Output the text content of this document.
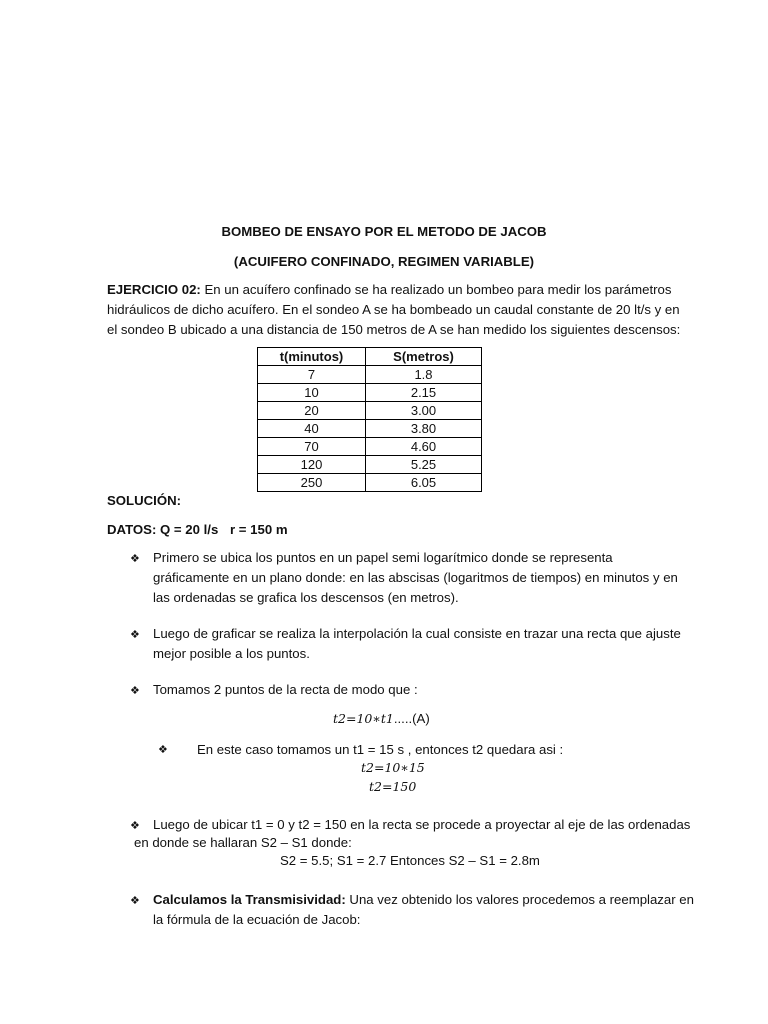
BOMBEO DE ENSAYO POR EL METODO DE JACOB
(ACUIFERO CONFINADO, REGIMEN VARIABLE)
EJERCICIO 02: En un acuífero confinado se ha realizado un bombeo para medir los parámetros
hidráulicos de dicho acuífero. En el sondeo A se ha bombeado un caudal constante de 20 lt/s y en
el sondeo B ubicado a una distancia de 150 metros de A se han medido los siguientes descensos:
t(minutos)	S(metros)
7	1.8
10	2.15
20	3.00
40	3.80
70	4.60
120	5.25
250	6.05
SOLUCIÓN:
DATOS: Q = 20 l/s r = 150 m
❖ Primero se ubica los puntos en un papel semi logarítmico donde se representa
gráficamente en un plano donde: en las abscisas (logaritmos de tiempos) en minutos y en
las ordenadas se grafica los descensos (en metros).
❖ Luego de graficar se realiza la interpolación la cual consiste en trazar una recta que ajuste
mejor posible a los puntos.
❖ Tomamos 2 puntos de la recta de modo que :
t2=10∗t1.....(A)
❖ En este caso tomamos un t1 = 15 s , entonces t2 quedara asi :
t2=10∗15
t2=150
❖ Luego de ubicar t1 = 0 y t2 = 150 en la recta se procede a proyectar al eje de las ordenadas
en donde se hallaran S2 – S1 donde:
S2 = 5.5; S1 = 2.7 Entonces S2 – S1 = 2.8m
❖ Calculamos la Transmisividad: Una vez obtenido los valores procedemos a reemplazar en
la fórmula de la ecuación de Jacob:
